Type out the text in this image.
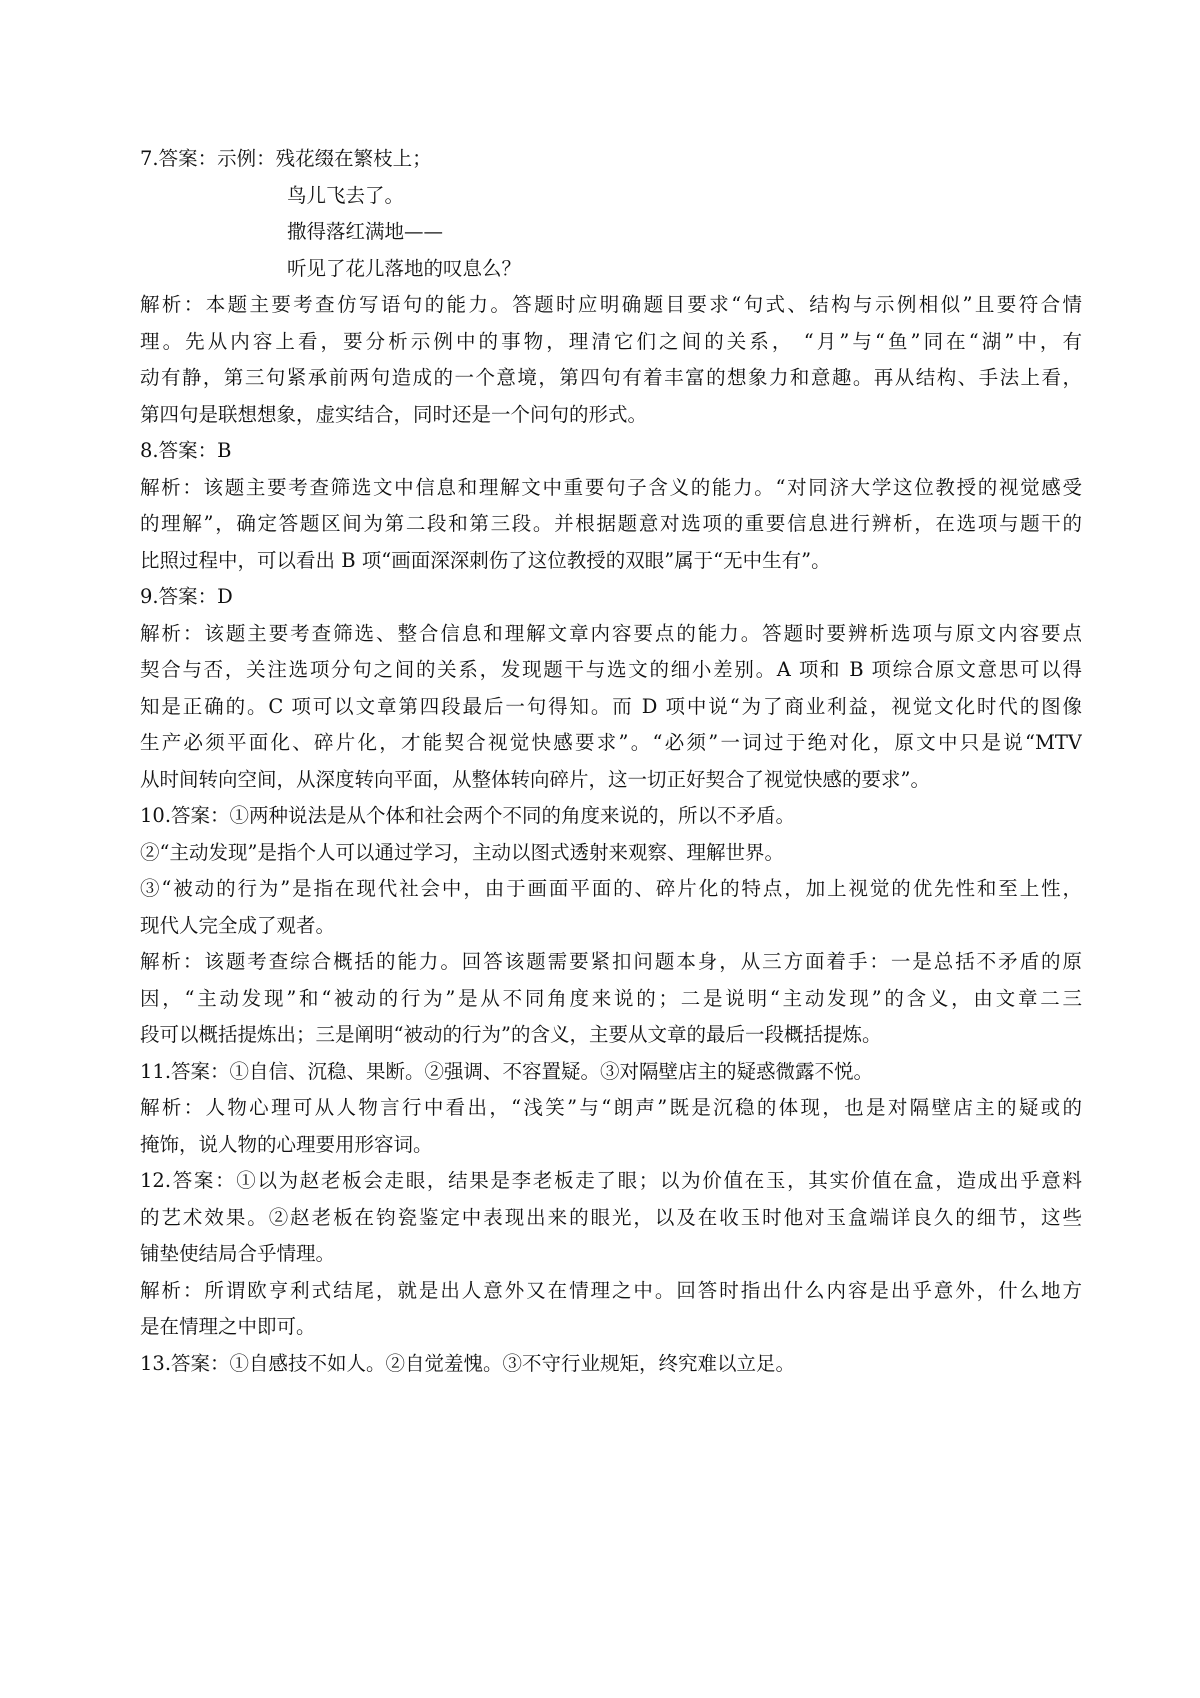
7.答案：示例：残花缀在繁枝上；
鸟儿飞去了。
撒得落红满地——
听见了花儿落地的叹息么？
解析：本题主要考查仿写语句的能力。答题时应明确题目要求“句式、结构与示例相似”且要符合情
理。先从内容上看，要分析示例中的事物，理清它们之间的关系， “月”与“鱼”同在“湖”中，有
动有静，第三句紧承前两句造成的一个意境，第四句有着丰富的想象力和意趣。再从结构、手法上看，
第四句是联想想象，虚实结合，同时还是一个问句的形式。
8.答案：B
解析：该题主要考查筛选文中信息和理解文中重要句子含义的能力。“对同济大学这位教授的视觉感受
的理解”，确定答题区间为第二段和第三段。并根据题意对选项的重要信息进行辨析，在选项与题干的
比照过程中，可以看出 B 项“画面深深刺伤了这位教授的双眼”属于“无中生有”。
9.答案：D
解析：该题主要考查筛选、整合信息和理解文章内容要点的能力。答题时要辨析选项与原文内容要点
契合与否，关注选项分句之间的关系，发现题干与选文的细小差别。A 项和 B 项综合原文意思可以得
知是正确的。C 项可以文章第四段最后一句得知。而 D 项中说“为了商业利益，视觉文化时代的图像
生产必须平面化、碎片化，才能契合视觉快感要求”。“必须”一词过于绝对化，原文中只是说“MTV
从时间转向空间，从深度转向平面，从整体转向碎片，这一切正好契合了视觉快感的要求”。
10.答案：①两种说法是从个体和社会两个不同的角度来说的，所以不矛盾。
②“主动发现”是指个人可以通过学习，主动以图式透射来观察、理解世界。
③“被动的行为”是指在现代社会中，由于画面平面的、碎片化的特点，加上视觉的优先性和至上性，
现代人完全成了观者。
解析：该题考查综合概括的能力。回答该题需要紧扣问题本身，从三方面着手：一是总括不矛盾的原
因，“主动发现”和“被动的行为”是从不同角度来说的；二是说明“主动发现”的含义，由文章二三
段可以概括提炼出；三是阐明“被动的行为”的含义，主要从文章的最后一段概括提炼。
11.答案：①自信、沉稳、果断。②强调、不容置疑。③对隔壁店主的疑惑微露不悦。
解析：人物心理可从人物言行中看出，“浅笑”与“朗声”既是沉稳的体现，也是对隔壁店主的疑或的
掩饰，说人物的心理要用形容词。
12.答案：①以为赵老板会走眼，结果是李老板走了眼；以为价值在玉，其实价值在盒，造成出乎意料
的艺术效果。②赵老板在钧瓷鉴定中表现出来的眼光，以及在收玉时他对玉盒端详良久的细节，这些
铺垫使结局合乎情理。
解析：所谓欧亨利式结尾，就是出人意外又在情理之中。回答时指出什么内容是出乎意外，什么地方
是在情理之中即可。
13.答案：①自感技不如人。②自觉羞愧。③不守行业规矩，终究难以立足。
